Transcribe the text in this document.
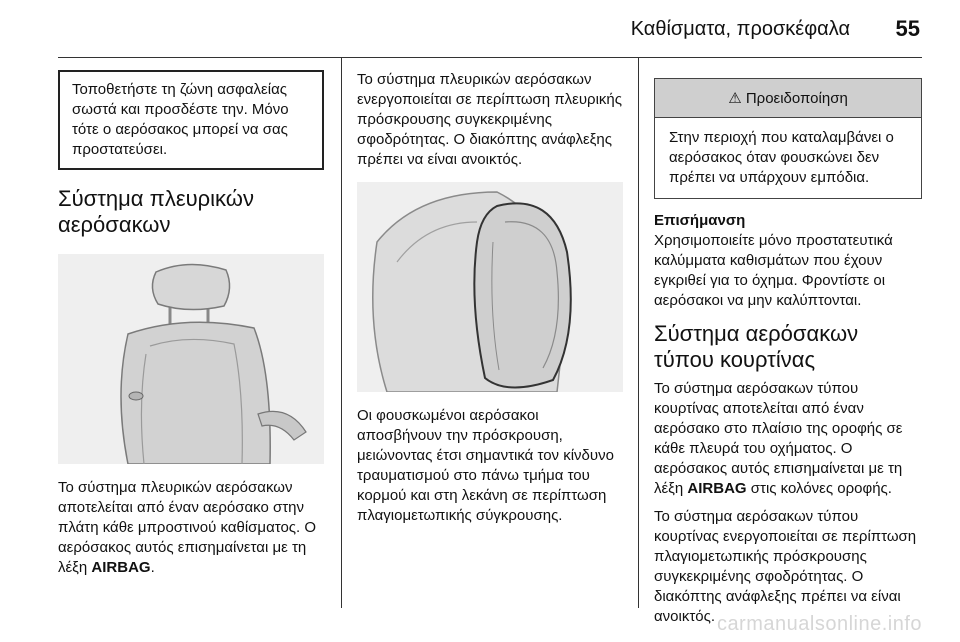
Καθίσματα, προσκέφαλα 55
Τοποθετήστε τη ζώνη ασφαλείας σωστά και προσδέστε την. Μόνο τότε ο αερόσακος μπορεί να σας προστατεύσει.
Σύστημα πλευρικών αερόσακων

Το σύστημα πλευρικών αερόσακων αποτελείται από έναν αερόσακο στην πλάτη κάθε μπροστινού καθίσματος. Ο αερόσακος αυτός επισημαίνεται με τη λέξη AIRBAG.

Το σύστημα πλευρικών αερόσακων ενεργοποιείται σε περίπτωση πλευρικής πρόσκρουσης συγκεκριμένης σφοδρότητας. Ο διακόπτης ανάφλεξης πρέπει να είναι ανοικτός.

Οι φουσκωμένοι αερόσακοι αποσβήνουν την πρόσκρουση, μειώνοντας έτσι σημαντικά τον κίνδυνο τραυματισμού στο πάνω τμήμα του κορμού και στη λεκάνη σε περίπτωση πλαγιομετωπικής σύγκρουσης.

⚠ Προειδοποίηση
Στην περιοχή που καταλαμβάνει ο αερόσακος όταν φουσκώνει δεν πρέπει να υπάρχουν εμπόδια.
Επισήμανση

Χρησιμοποιείτε μόνο προστατευτικά καλύμματα καθισμάτων που έχουν εγκριθεί για το όχημα. Φροντίστε οι αερόσακοι να μην καλύπτονται.

Σύστημα αερόσακων τύπου κουρτίνας

Το σύστημα αερόσακων τύπου κουρτίνας αποτελείται από έναν αερόσακο στο πλαίσιο της οροφής σε κάθε πλευρά του οχήματος. Ο αερόσακος αυτός επισημαίνεται με τη λέξη AIRBAG στις κολόνες οροφής.

Το σύστημα αερόσακων τύπου κουρτίνας ενεργοποιείται σε περίπτωση πλαγιομετωπικής πρόσκρουσης συγκεκριμένης σφοδρότητας. Ο διακόπτης ανάφλεξης πρέπει να είναι ανοικτός. carmanualsonline.info
